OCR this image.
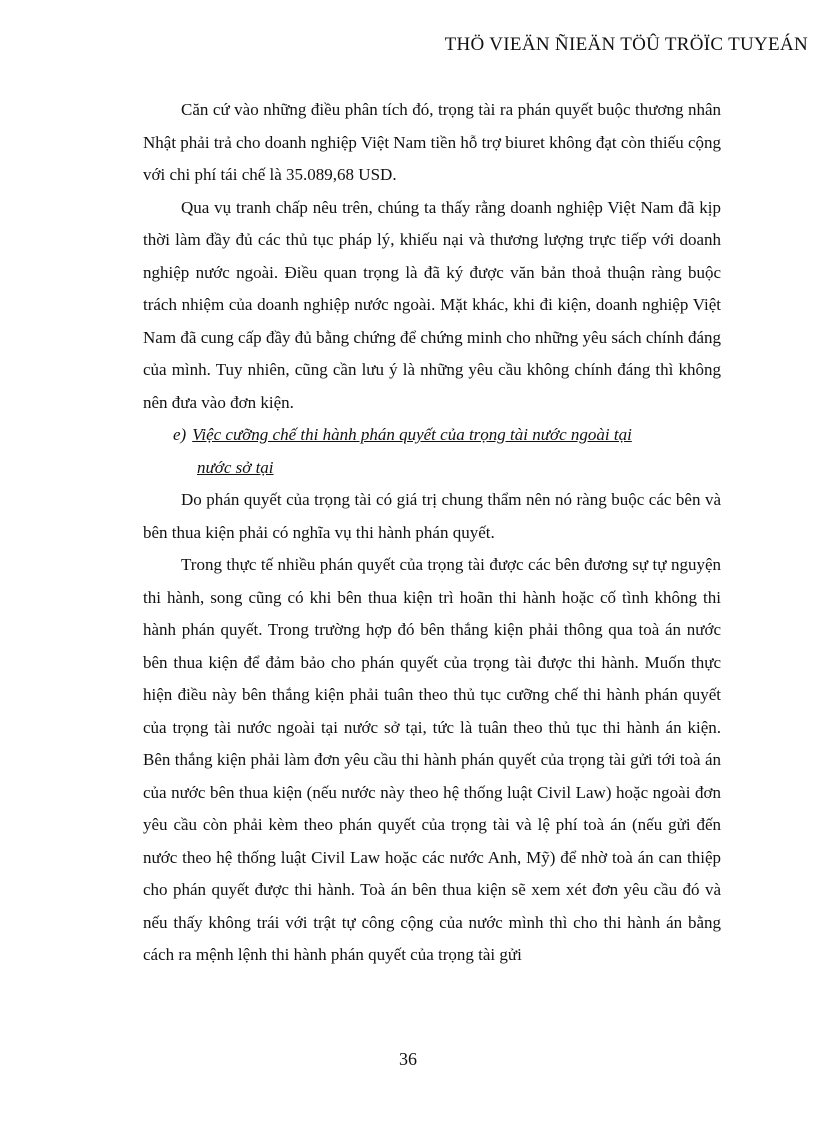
THÖ VIEÄN ÑIEÄN TÖÛ TRÖÏC TUYEÁN

Căn cứ vào những điều phân tích đó, trọng tài ra phán quyết buộc thương nhân Nhật phải trả cho doanh nghiệp Việt Nam tiền hỗ trợ biuret không đạt còn thiếu cộng với chi phí tái chế là 35.089,68 USD.

Qua vụ tranh chấp nêu trên, chúng ta thấy rằng doanh nghiệp Việt Nam đã kịp thời làm đầy đủ các thủ tục pháp lý, khiếu nại và thương lượng trực tiếp với doanh nghiệp nước ngoài. Điều quan trọng là đã ký được văn bản thoả thuận ràng buộc trách nhiệm của doanh nghiệp nước ngoài. Mặt khác, khi đi kiện, doanh nghiệp Việt Nam đã cung cấp đầy đủ bằng chứng để chứng minh cho những yêu sách chính đáng của mình. Tuy nhiên, cũng cần lưu ý là những yêu cầu không chính đáng thì không nên đưa vào đơn kiện.

e) Việc cưỡng chế thi hành phán quyết của trọng tài nước ngoài tại
nước sở tại

Do phán quyết của trọng tài có giá trị chung thẩm nên nó ràng buộc các bên và bên thua kiện phải có nghĩa vụ thi hành phán quyết.

Trong thực tế nhiều phán quyết của trọng tài được các bên đương sự tự nguyện thi hành, song cũng có khi bên thua kiện trì hoãn thi hành hoặc cố tình không thi hành phán quyết. Trong trường hợp đó bên thắng kiện phải thông qua toà án nước bên thua kiện để đảm bảo cho phán quyết của trọng tài được thi hành. Muốn thực hiện điều này bên thắng kiện phải tuân theo thủ tục cưỡng chế thi hành phán quyết của trọng tài nước ngoài tại nước sở tại, tức là tuân theo thủ tục thi hành án kiện. Bên thắng kiện phải làm đơn yêu cầu thi hành phán quyết của trọng tài gửi tới toà án của nước bên thua kiện (nếu nước này theo hệ thống luật Civil Law) hoặc ngoài đơn yêu cầu còn phải kèm theo phán quyết của trọng tài và lệ phí toà án (nếu gửi đến nước theo hệ thống luật Civil Law hoặc các nước Anh, Mỹ) để nhờ toà án can thiệp cho phán quyết được thi hành. Toà án bên thua kiện sẽ xem xét đơn yêu cầu đó và nếu thấy không trái với trật tự công cộng của nước mình thì cho thi hành án bằng cách ra mệnh lệnh thi hành phán quyết của trọng tài gửi

36
